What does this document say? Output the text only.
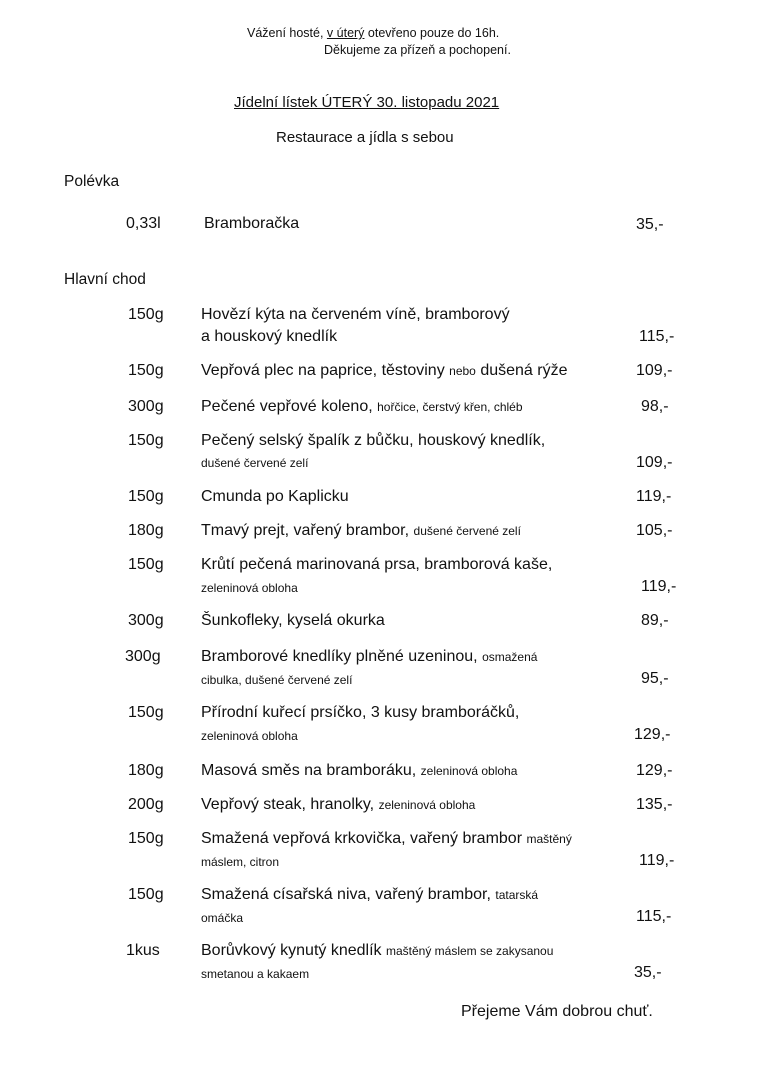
Vážení hosté, v úterý otevřeno pouze do 16h.
Děkujeme za přízeň a pochopení.
Jídelní lístek ÚTERÝ 30. listopadu 2021
Restaurace a jídla s sebou
Polévka
0,33l	Bramboračka	35,-
Hlavní chod
150g Hovězí kýta na červeném víně, bramborový
a houskový knedlík	115,-
150g Vepřová plec na paprice, těstoviny nebo dušená rýže	109,-
300g Pečené vepřové koleno, hořčice, čerstvý křen, chléb	98,-
150g Pečený selský špalík z bůčku, houskový knedlík,
dušené červené zelí	109,-
150g Cmunda po Kaplicku	119,-
180g Tmavý prejt, vařený brambor, dušené červené zelí	105,-
150g Krůtí pečená marinovaná prsa, bramborová kaše,
zeleninová obloha	119,-
300g Šunkofleky, kyselá okurka	89,-
300g	Bramborové knedlíky plněné uzeninou, osmažená
cibulka, dušené červené zelí	95,-
150g Přírodní kuřecí prsíčko, 3 kusy bramboráčků,
zeleninová obloha	129,-
180g Masová směs na bramboráku, zeleninová obloha	129,-
200g Vepřový steak, hranolky, zeleninová obloha	135,-
150g Smažená vepřová krkovička, vařený brambor maštěný
máslem, citron	119,-
150g Smažená císařská niva, vařený brambor, tatarská
omáčka	115,-
1kus	Borůvkový kynutý knedlík maštěný máslem se zakysanou
smetanou a kakaem	35,-
Přejeme Vám dobrou chuť.
